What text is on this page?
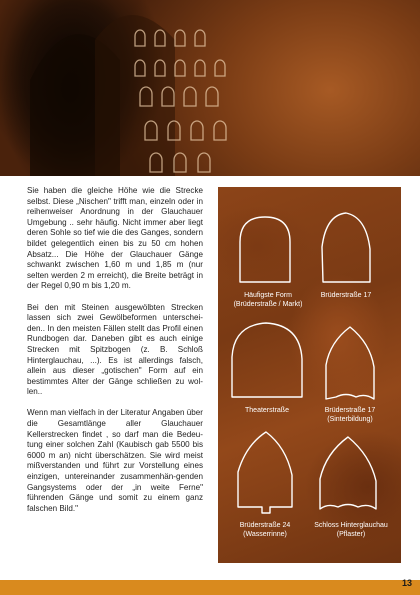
Sie haben die gleiche Höhe wie die Strecke selbst. Diese „Nischen" trifft man, einzeln oder in reihenweiser Anordnung in der Glauchauer Umgebung .. sehr häufig. Nicht immer aber liegt deren Sohle so tief wie die des Ganges, sondern bildet gelegentlich einen bis zu 50 cm hohen Absatz... Die Höhe der Glauchauer Gänge schwankt zwischen 1,60 m und 1,85 m (nur selten werden 2 m erreicht), die Breite beträgt in der Regel 0,90 m bis 1,20 m.

Bei den mit Steinen ausgewölbten Strecken lassen sich zwei Gewölbeformen unterschei-den.. In den meisten Fällen stellt das Profil einen Rundbogen dar. Daneben gibt es auch einige Strecken mit Spitzbogen (z. B. Schloß Hinterglauchau, ...). Es ist allerdings falsch, allein aus dieser „gotischen" Form auf ein bestimmtes Alter der Gänge schließen zu wol-len..

Wenn man vielfach in der Literatur Angaben über die Gesamtlänge aller Glauchauer Kellerstrecken findet , so darf man die Bedeu-tung einer solchen Zahl (Kaubisch gab 5500 bis 6000 m an) nicht überschätzen. Sie wird meist mißverstanden und führt zur Vorstellung eines einzigen, untereinander zusammenhän-genden Gangsystems oder der „in weite Ferne" führenden Gänge und somit zu einem ganz falschen Bild."

Häufigste Form
(Brüderstraße / Markt)
Brüderstraße 17
Theaterstraße	Brüderstraße 17
(Sinterbildung)
Brüderstraße 24
(Wasserrinne)
Schloss Hinterglauchau
(Pflaster)
13
